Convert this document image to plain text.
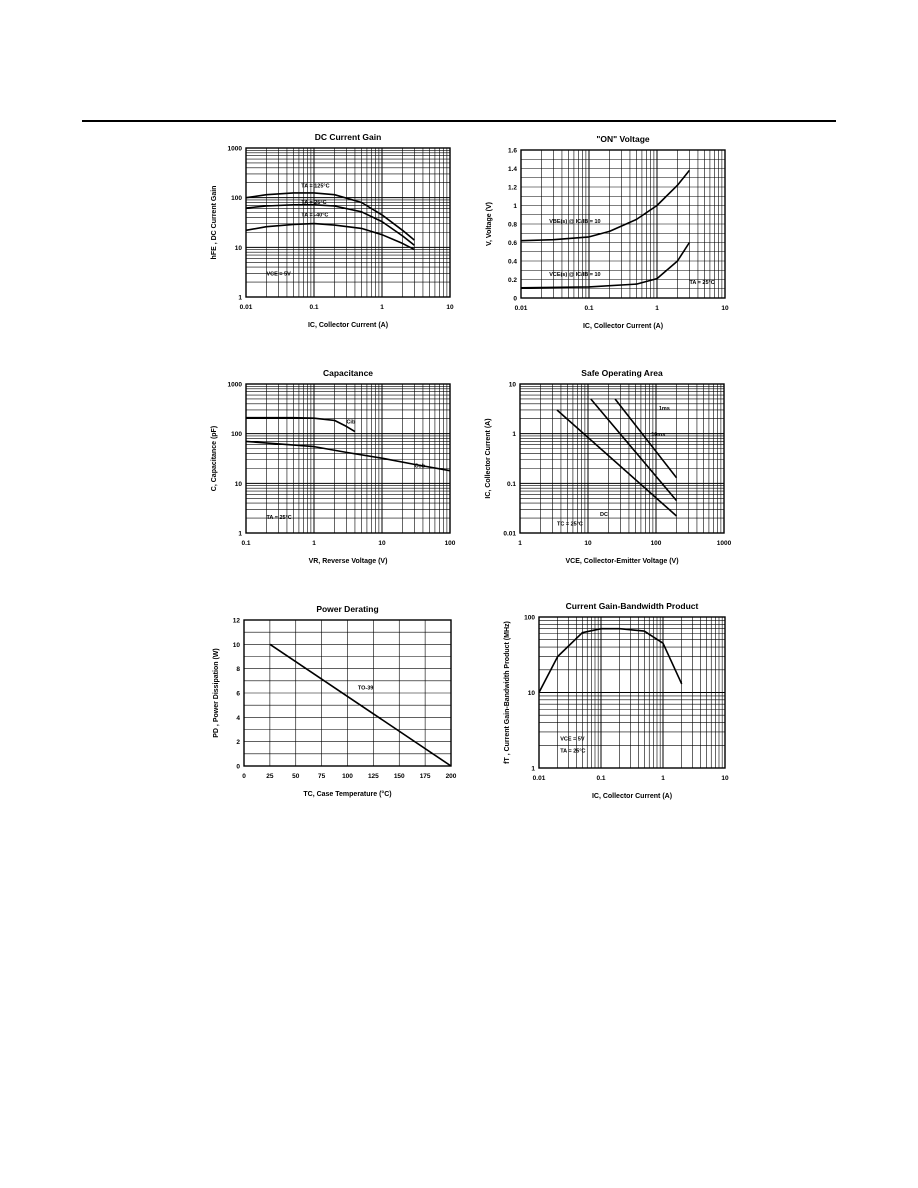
0.01	0.1	1	10
1
10
100
1000
DC Current Gain
IC, Collector Current (A)
hFE , DC Current Gain	TA = 125°C
TA = 25°C
TA = -40°C
VCE = 5V
0.01	0.1	1	10
0
0.2
0.4
0.6
0.8
1
1.2
1.4
1.6
"ON" Voltage
IC, Collector Current (A)
V, Voltage (V)	VBE(s) @ IC/IB = 10
VCE(s) @ IC/IB = 10
TA = 25°C
0.1	1	10	100
1
10
100
1000
Capacitance
VR, Reverse Voltage (V)
C, Capacitance (pF)
Cib
Cob
TA = 25°C
1	10	100	1000
0.01
0.1
1
10
Safe Operating Area
VCE, Collector-Emitter Voltage (V)
IC, Collector Current (A)
1ms
10ms
DC
TC = 25°C
0	25	50	75	100 125 150 175 200
0
2
4
6
8
10
12
Power Derating
TC, Case Temperature (°C)
PD , Power Dissipation (W)	TO-39
0.01	0.1	1	10
1
10
100
Current Gain-Bandwidth Product
IC, Collector Current (A)
fT , Current Gain-Bandwidth Product (MHz)	VCE = 5V
TA = 25°C
